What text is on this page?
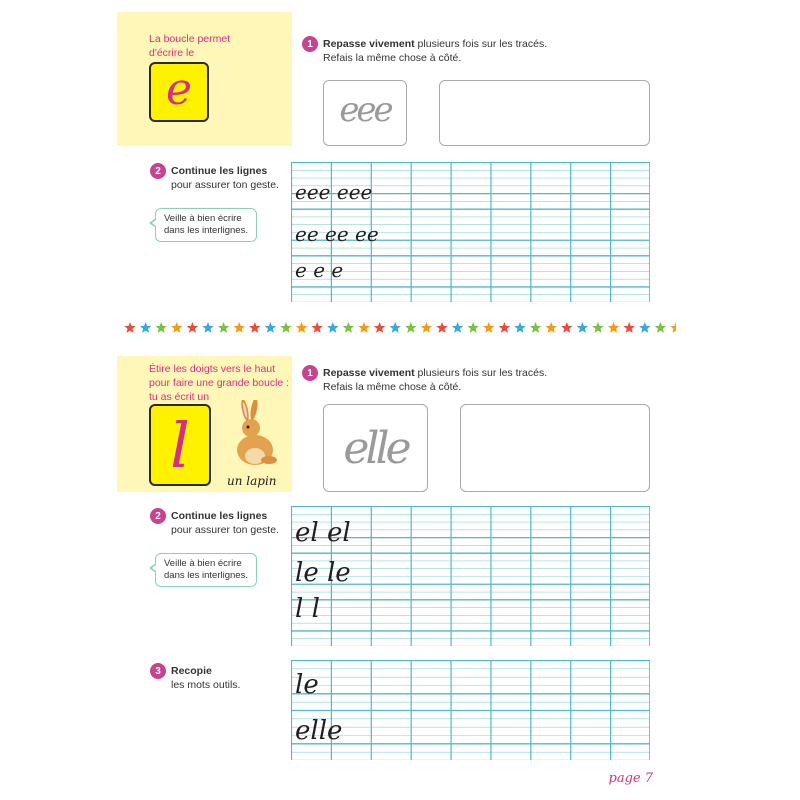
La boucle permet
d'écrire le
e
1 Repasse vivement plusieurs fois sur les tracés.
Refais la même chose à côté.
eee
2 Continue les lignes
pour assurer ton geste.
Veille à bien écrire
dans les interlignes.
eee eee
ee ee ee
e e e
Étire les doigts vers le haut
pour faire une grande boucle :
tu as écrit un
l	un lapin
1 Repasse vivement plusieurs fois sur les tracés.
Refais la même chose à côté.
elle
2 Continue les lignes
pour assurer ton geste.
Veille à bien écrire
dans les interlignes.
el el
le le
l l
3 Recopie
les mots outils. le
elle
page 7
